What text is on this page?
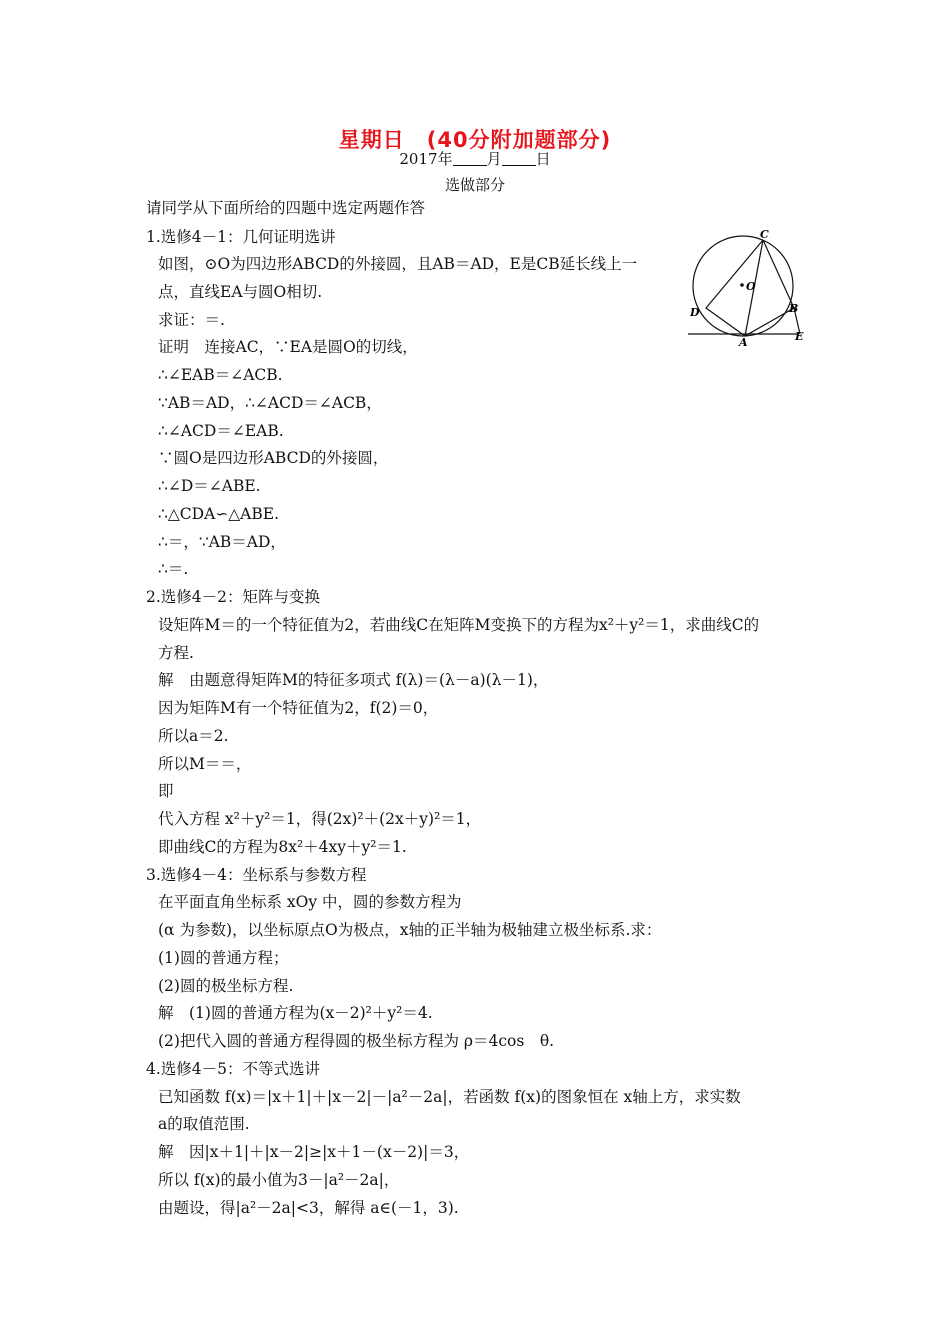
星期日　(40分附加题部分)
2017年 月 日
选做部分
请同学从下面所给的四题中选定两题作答
1.选修4－1：几何证明选讲
如图，⊙O为四边形ABCD的外接圆，且AB＝AD，E是CB延长线上一
点，直线EA与圆O相切.
求证：＝.
证明　连接AC，∵EA是圆O的切线，
∴∠EAB＝∠ACB.
∵AB＝AD，∴∠ACD＝∠ACB，
∴∠ACD＝∠EAB.
∵圆O是四边形ABCD的外接圆，
∴∠D＝∠ABE.
∴△CDA∽△ABE.
∴＝，∵AB＝AD，
∴＝.
2.选修4－2：矩阵与变换
设矩阵M＝的一个特征值为2，若曲线C在矩阵M变换下的方程为x²＋y²＝1，求曲线C的
方程.
解　由题意得矩阵M的特征多项式 f(λ)＝(λ－a)(λ－1)，
因为矩阵M有一个特征值为2，f(2)＝0，
所以a＝2.
所以M＝＝，
即
代入方程 x²＋y²＝1，得(2x)²＋(2x＋y)²＝1，
即曲线C的方程为8x²＋4xy＋y²＝1.
3.选修4－4：坐标系与参数方程
在平面直角坐标系 xOy 中，圆的参数方程为
(α 为参数)，以坐标原点O为极点，x轴的正半轴为极轴建立极坐标系.求：
(1)圆的普通方程；
(2)圆的极坐标方程.
解　(1)圆的普通方程为(x－2)²＋y²＝4.
(2)把代入圆的普通方程得圆的极坐标方程为 ρ＝4cos　θ.
4.选修4－5：不等式选讲
已知函数 f(x)＝|x＋1|＋|x－2|－|a²－2a|，若函数 f(x)的图象恒在 x轴上方，求实数
a的取值范围.
解　因|x＋1|＋|x－2|≥|x＋1－(x－2)|＝3，
所以 f(x)的最小值为3－|a²－2a|，
由题设，得|a²－2a|<3，解得 a∈(－1，3).
C
O
D	B
A	E
